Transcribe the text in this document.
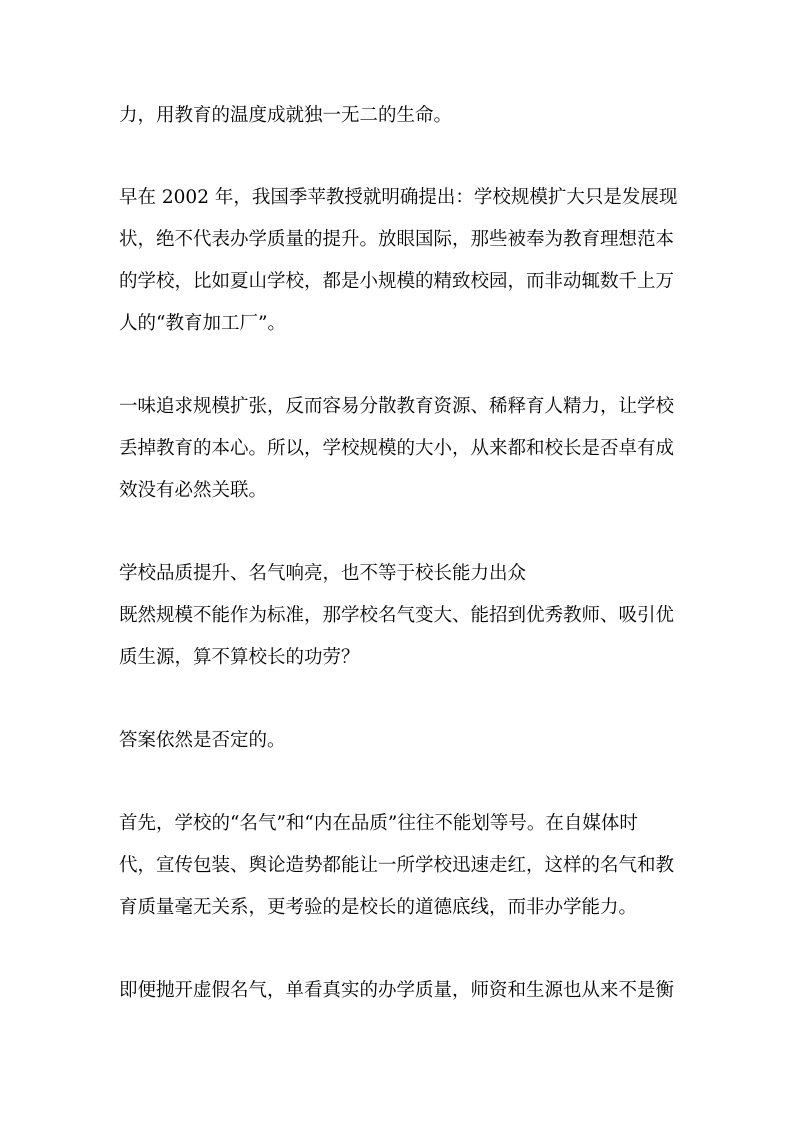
力，用教育的温度成就独一无二的生命。
早在 2002 年，我国季苹教授就明确提出：学校规模扩大只是发展现
状，绝不代表办学质量的提升。放眼国际，那些被奉为教育理想范本
的学校，比如夏山学校，都是小规模的精致校园，而非动辄数千上万
人的“教育加工厂”。
一味追求规模扩张，反而容易分散教育资源、稀释育人精力，让学校
丢掉教育的本心。所以，学校规模的大小，从来都和校长是否卓有成
效没有必然关联。
学校品质提升、名气响亮，也不等于校长能力出众
既然规模不能作为标准，那学校名气变大、能招到优秀教师、吸引优
质生源，算不算校长的功劳？
答案依然是否定的。
首先，学校的“名气”和“内在品质”往往不能划等号。在自媒体时
代，宣传包装、舆论造势都能让一所学校迅速走红，这样的名气和教
育质量毫无关系，更考验的是校长的道德底线，而非办学能力。
即便抛开虚假名气，单看真实的办学质量，师资和生源也从来不是衡
